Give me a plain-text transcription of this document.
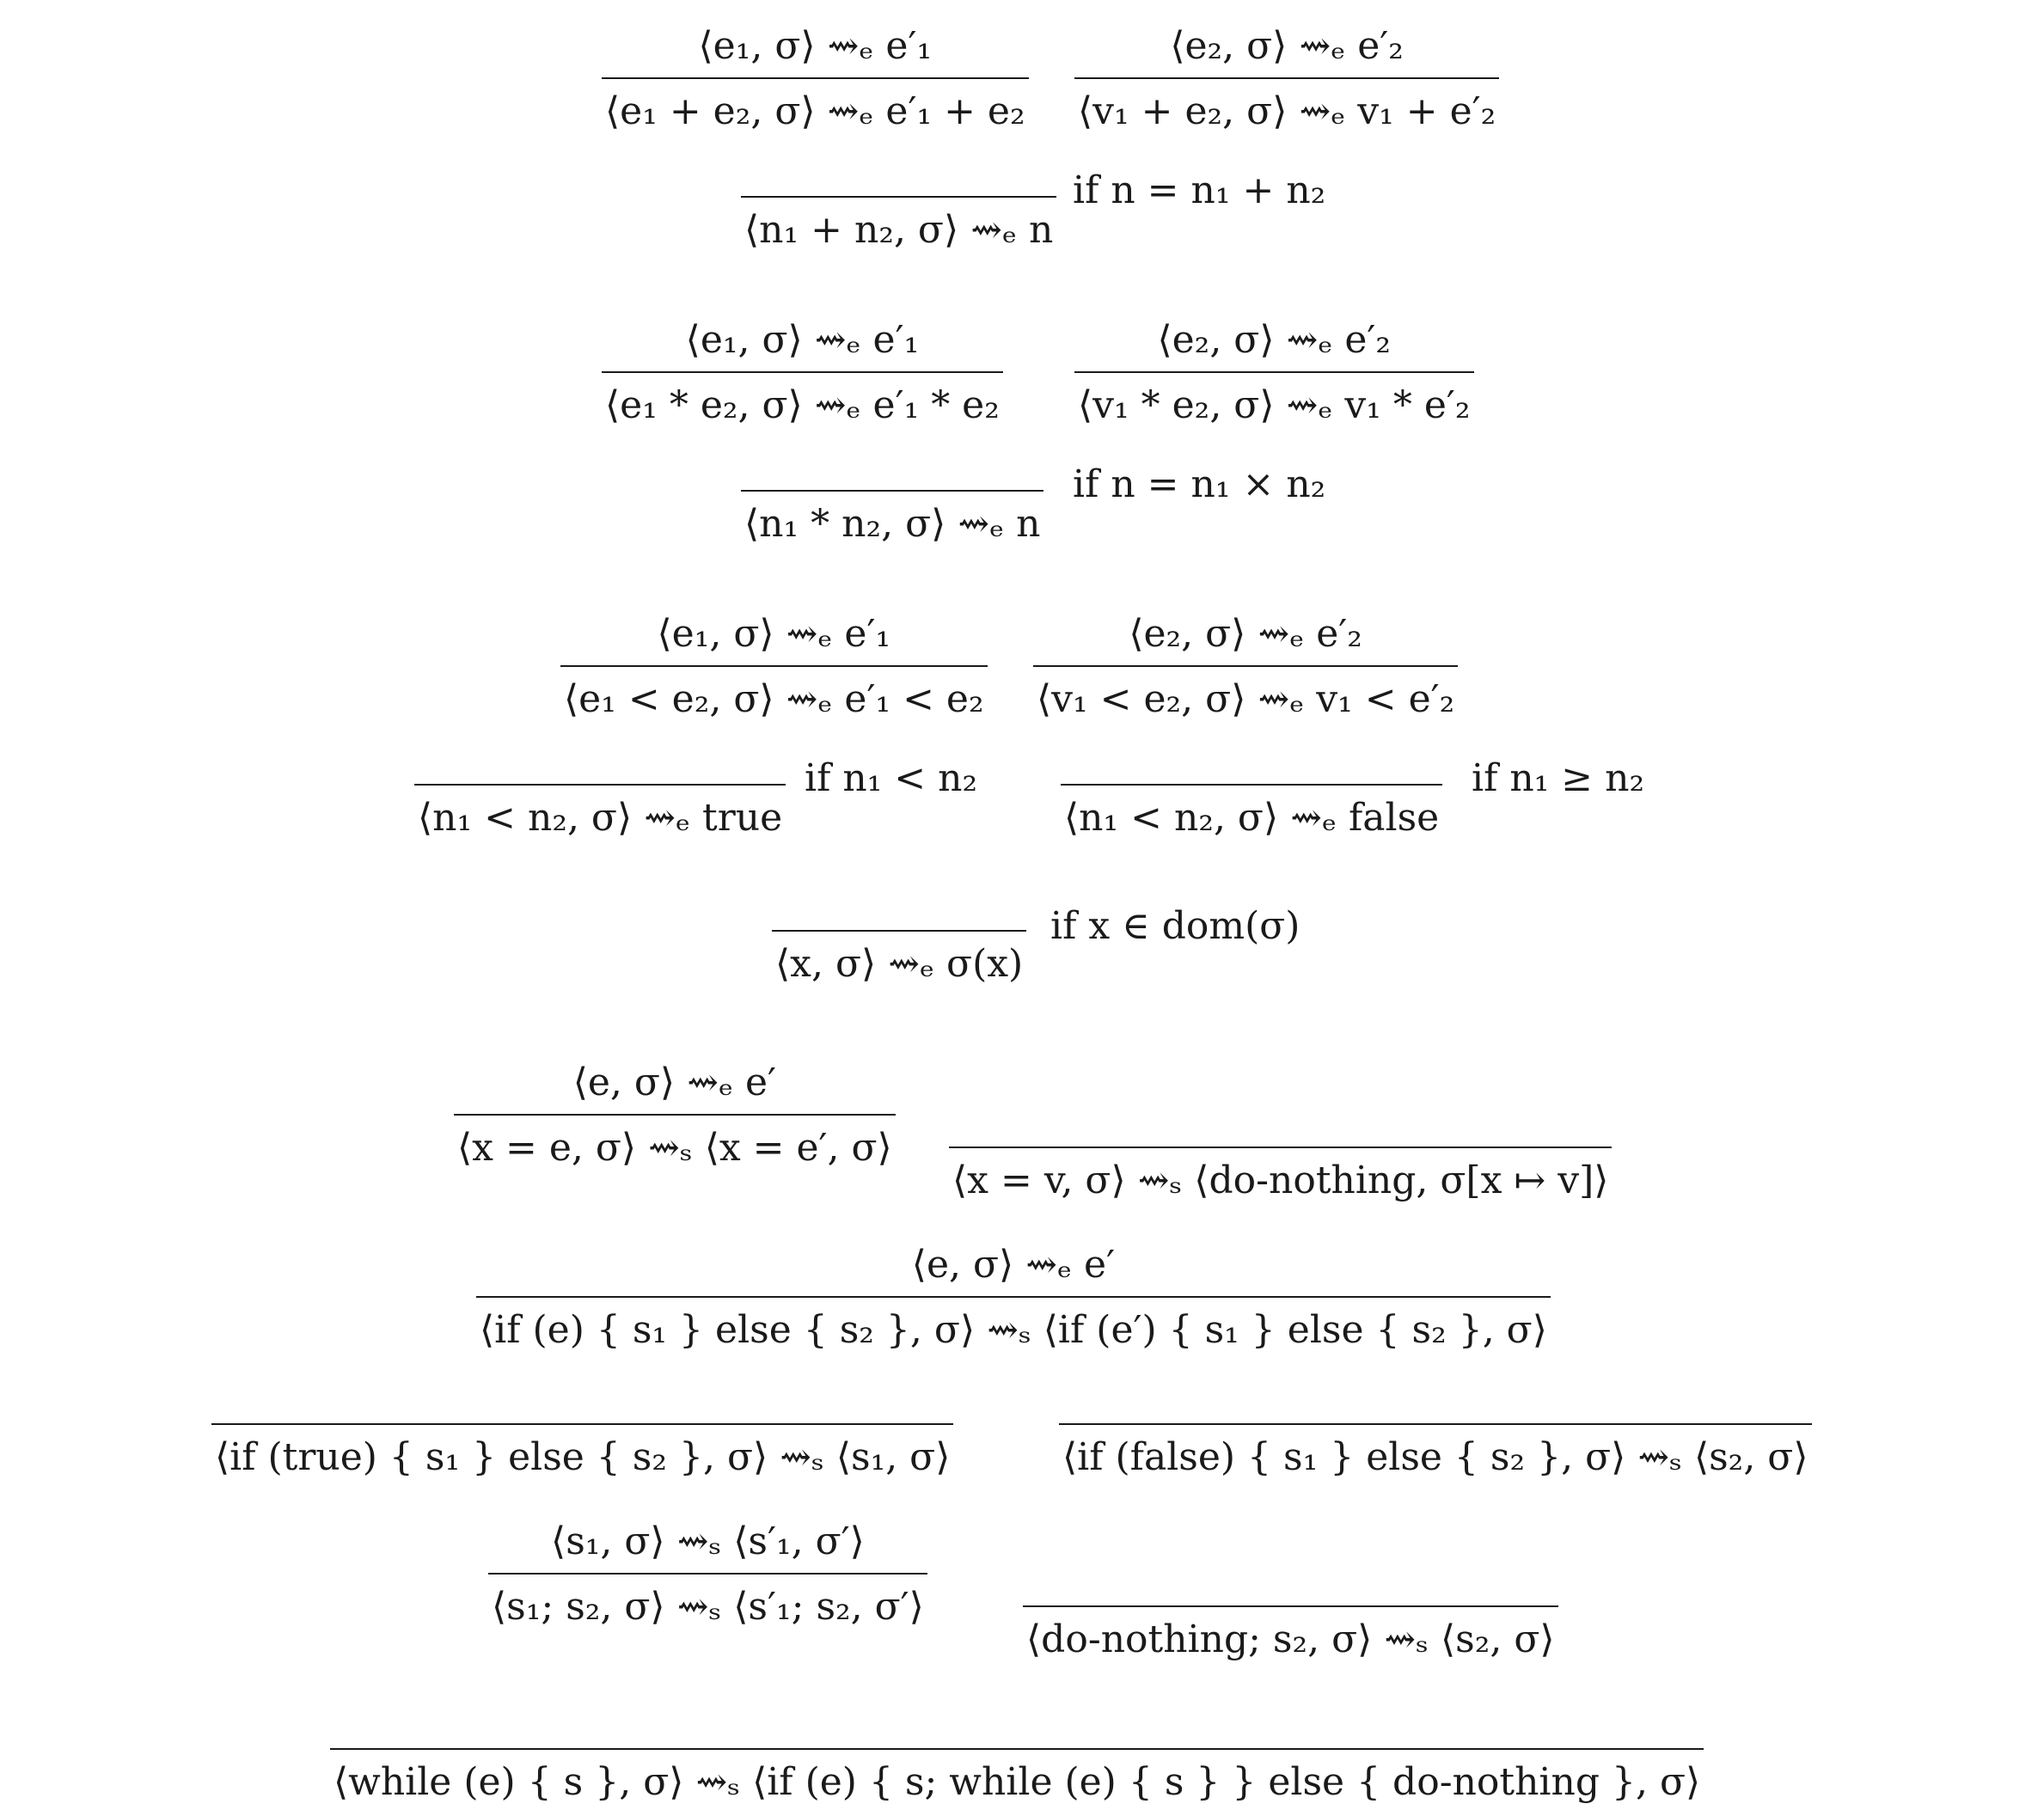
$\frac{\text{⟨e₁, σ⟩ ⇝ₑ e′₁}}{\text{⟨e₁ + e₂, σ⟩ ⇝ₑ e′₁ + e₂}} \frac{\text{⟨e₂, σ⟩ ⇝ₑ e′₂}}{\text{⟨v₁ + e₂, σ⟩ ⇝ₑ v₁ + e′₂}}$
⟨n₁ + n₂, σ⟩ ⇝ₑ n
if n = n₁ + n₂
$\frac{\text{⟨e₁, σ⟩ ⇝ₑ e′₁}}{\text{⟨e₁ * e₂, σ⟩ ⇝ₑ e′₁ * e₂}} \frac{\text{⟨e₂, σ⟩ ⇝ₑ e′₂}}{\text{⟨v₁ * e₂, σ⟩ ⇝ₑ v₁ * e′₂}}$
⟨n₁ * n₂, σ⟩ ⇝ₑ n
if n = n₁ × n₂
$\frac{\text{⟨e₁, σ⟩ ⇝ₑ e′₁}}{\text{⟨e₁ < e₂, σ⟩ ⇝ₑ e′₁ < e₂}} \frac{\text{⟨e₂, σ⟩ ⇝ₑ e′₂}}{\text{⟨v₁ < e₂, σ⟩ ⇝ₑ v₁ < e′₂}}$
⟨n₁ < n₂, σ⟩ ⇝ₑ true
if n₁ < n₂
⟨n₁ < n₂, σ⟩ ⇝ₑ false
if n₁ ≥ n₂
⟨x, σ⟩ ⇝ₑ σ(x)
if x ∈ dom(σ)
$\frac{\text{⟨e, σ⟩ ⇝ₑ e′}}{\text{⟨x = e, σ⟩ ⇝ₛ ⟨x = e′, σ⟩}}$
⟨x = v, σ⟩ ⇝ₛ ⟨do-nothing, σ[x ↦ v]⟩
⟨e, σ⟩ ⇝ₑ e′
⟨if (e) { s₁ } else { s₂ }, σ⟩ ⇝ₛ ⟨if (e′) { s₁ } else { s₂ }, σ⟩
⟨if (true) { s₁ } else { s₂ }, σ⟩ ⇝ₛ ⟨s₁, σ⟩	⟨if (false) { s₁ } else { s₂ }, σ⟩ ⇝ₛ ⟨s₂, σ⟩
$\frac{\text{⟨s₁, σ⟩ ⇝ₛ ⟨s′₁, σ′⟩}}{\text{⟨s₁; s₂, σ⟩ ⇝ₛ ⟨s′₁; s₂, σ′⟩}}$
⟨do-nothing; s₂, σ⟩ ⇝ₛ ⟨s₂, σ⟩
⟨while (e) { s }, σ⟩ ⇝ₛ ⟨if (e) { s; while (e) { s } } else { do-nothing }, σ⟩
